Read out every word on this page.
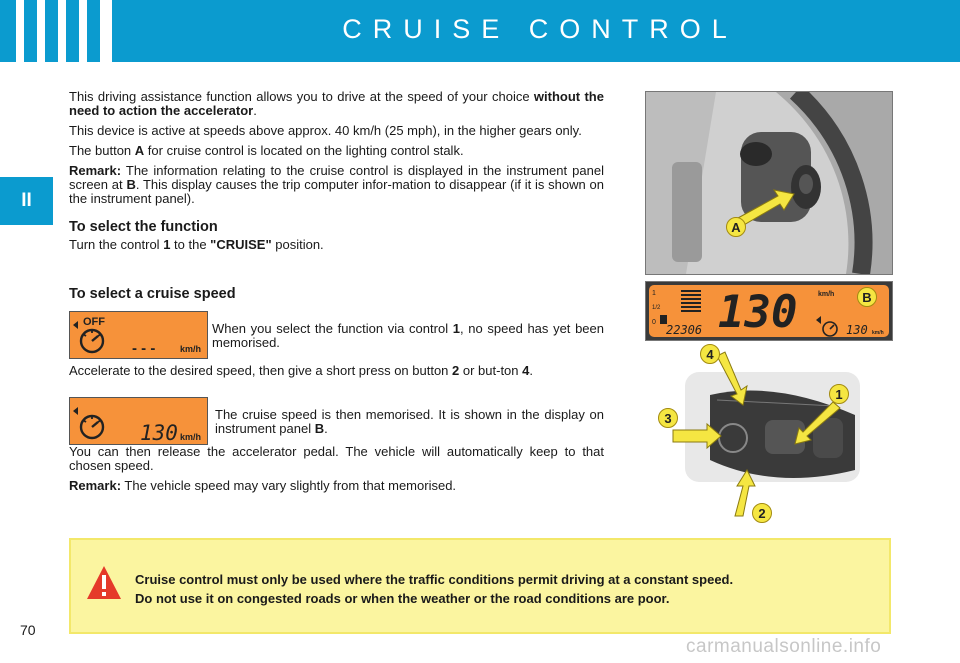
CRUISE CONTROL
II

This driving assistance function allows you to drive at the speed of your choice without the need to action the accelerator.

This device is active at speeds above approx. 40 km/h (25 mph), in the higher gears only.

The button A for cruise control is located on the lighting control stalk.

Remark: The information relating to the cruise control is displayed in the instrument panel screen at B. This display causes the trip computer infor-mation to disappear (if it is shown on the instrument panel).

To select the function
Turn the control 1 to the "CRUISE" position.
To select a cruise speed
OFF
- - -	km/h
When you select the function via control 1, no speed has yet been memorised.
Accelerate to the desired speed, then give a short press on button 2 or but-ton 4.
130 km/h
The cruise speed is then memorised. It is shown in the display on instrument panel B.

You can then release the accelerator pedal. The vehicle will automatically keep to that chosen speed.

Remark: The vehicle speed may vary slightly from that memorised.

A
1
1/2
0
22306 130	km/h
130 km/h
B
4
1
3
2
Cruise control must only be used where the traffic conditions permit driving at a constant speed.
Do not use it on congested roads or when the weather or the road conditions are poor.
70
carmanualsonline.info
